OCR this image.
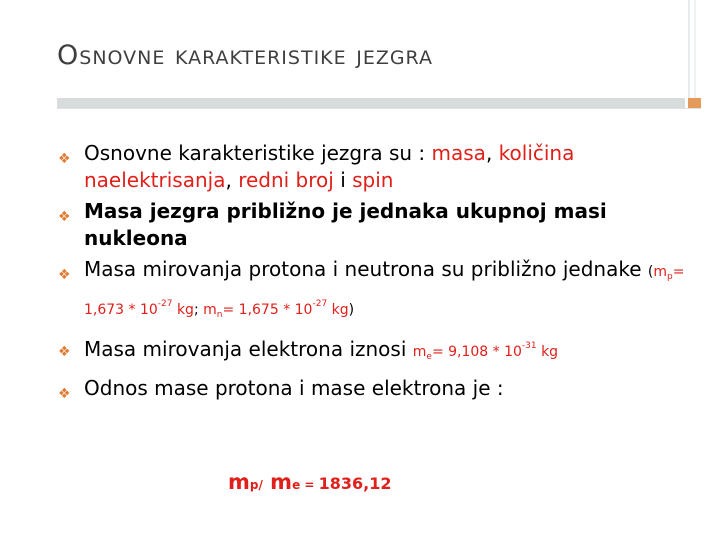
Osnovne karakteristike jezgra
❖ Osnovne karakteristike jezgra su : masa, količina naelektrisanja, redni broj i spin
❖ Masa jezgra približno je jednaka ukupnoj masi nukleona
❖ Masa mirovanja protona i neutrona su približno jednake ($m_p= 1,673 * 10^{-27}$ kg; $m_n= 1,675 * 10^{-27}$ kg)
❖ Masa mirovanja elektrona iznosi $m_e= 9,108 * 10^{-31}$ kg
❖ Odnos mase protona i mase elektrona je :
mp/ me = 1836,12
